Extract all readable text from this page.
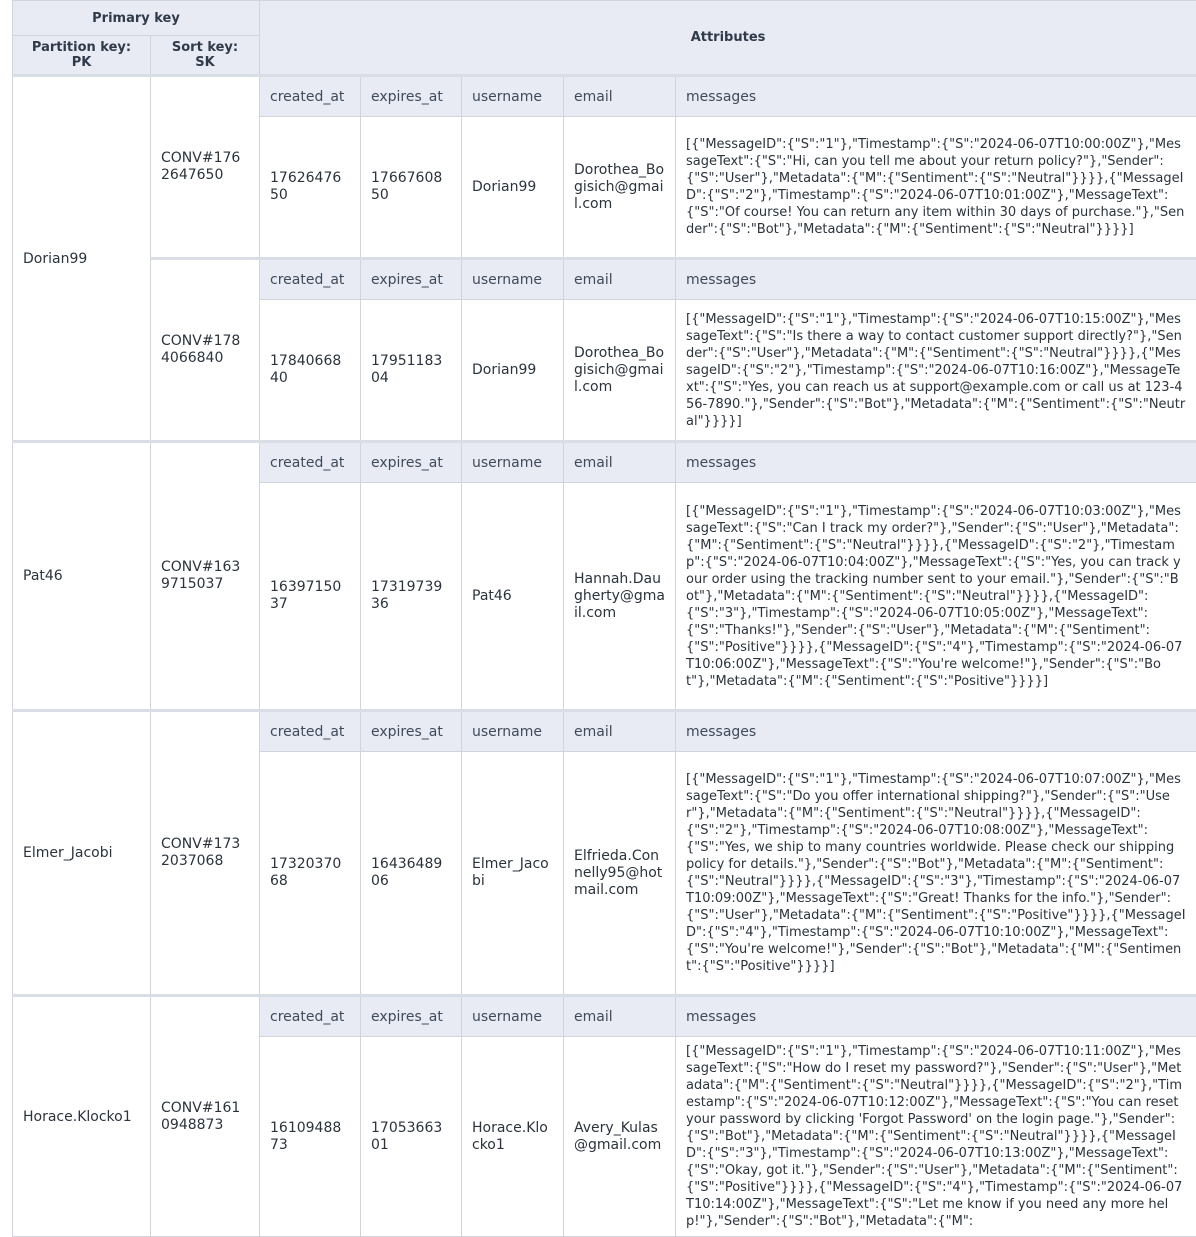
Primary key		Attributes				
Partition key: PK	Sort key: SK					
Dorian99	CONV#1762647650	created_at	expires_at	username	email	messages
		1762647650	1766760850	Dorian99	Dorothea_Bogisich@gmail.com	[{"MessageID":{"S":"1"},"Timestamp":{"S":"2024-06-07T10:00:00Z"},"MessageText":{"S":"Hi, can you tell me about your return policy?"},"Sender":{"S":"User"},"Metadata":{"M":{"Sentiment":{"S":"Neutral"}}}},{"MessageID":{"S":"2"},"Timestamp":{"S":"2024-06-07T10:01:00Z"},"MessageText":{"S":"Of course! You can return any item within 30 days of purchase."},"Sender":{"S":"Bot"},"Metadata":{"M":{"Sentiment":{"S":"Neutral"}}}}]
	CONV#1784066840	created_at	expires_at	username	email	messages
		1784066840	1795118304	Dorian99	Dorothea_Bogisich@gmail.com	[{"MessageID":{"S":"1"},"Timestamp":{"S":"2024-06-07T10:15:00Z"},"MessageText":{"S":"Is there a way to contact customer support directly?"},"Sender":{"S":"User"},"Metadata":{"M":{"Sentiment":{"S":"Neutral"}}}},{"MessageID":{"S":"2"},"Timestamp":{"S":"2024-06-07T10:16:00Z"},"MessageText":{"S":"Yes, you can reach us at support@example.com or call us at 123-456-7890."},"Sender":{"S":"Bot"},"Metadata":{"M":{"Sentiment":{"S":"Neutral"}}}}]
Pat46	CONV#1639715037	created_at	expires_at	username	email	messages
		1639715037	1731973936	Pat46	Hannah.Daugherty@gmail.com	[{"MessageID":{"S":"1"},"Timestamp":{"S":"2024-06-07T10:03:00Z"},"MessageText":{"S":"Can I track my order?"},"Sender":{"S":"User"},"Metadata":{"M":{"Sentiment":{"S":"Neutral"}}}},{"MessageID":{"S":"2"},"Timestamp":{"S":"2024-06-07T10:04:00Z"},"MessageText":{"S":"Yes, you can track your order using the tracking number sent to your email."},"Sender":{"S":"Bot"},"Metadata":{"M":{"Sentiment":{"S":"Neutral"}}}},{"MessageID":{"S":"3"},"Timestamp":{"S":"2024-06-07T10:05:00Z"},"MessageText":{"S":"Thanks!"},"Sender":{"S":"User"},"Metadata":{"M":{"Sentiment":{"S":"Positive"}}}},{"MessageID":{"S":"4"},"Timestamp":{"S":"2024-06-07T10:06:00Z"},"MessageText":{"S":"You're welcome!"},"Sender":{"S":"Bot"},"Metadata":{"M":{"Sentiment":{"S":"Positive"}}}}]
Elmer_Jacobi	CONV#1732037068	created_at	expires_at	username	email	messages
		1732037068	1643648906	Elmer_Jacobi	Elfrieda.Connelly95@hotmail.com	[{"MessageID":{"S":"1"},"Timestamp":{"S":"2024-06-07T10:07:00Z"},"MessageText":{"S":"Do you offer international shipping?"},"Sender":{"S":"User"},"Metadata":{"M":{"Sentiment":{"S":"Neutral"}}}},{"MessageID":{"S":"2"},"Timestamp":{"S":"2024-06-07T10:08:00Z"},"MessageText":{"S":"Yes, we ship to many countries worldwide. Please check our shipping policy for details."},"Sender":{"S":"Bot"},"Metadata":{"M":{"Sentiment":{"S":"Neutral"}}}},{"MessageID":{"S":"3"},"Timestamp":{"S":"2024-06-07T10:09:00Z"},"MessageText":{"S":"Great! Thanks for the info."},"Sender":{"S":"User"},"Metadata":{"M":{"Sentiment":{"S":"Positive"}}}},{"MessageID":{"S":"4"},"Timestamp":{"S":"2024-06-07T10:10:00Z"},"MessageText":{"S":"You're welcome!"},"Sender":{"S":"Bot"},"Metadata":{"M":{"Sentiment":{"S":"Positive"}}}}]
Horace.Klocko1	CONV#1610948873	created_at	expires_at	username	email	messages
		1610948873	1705366301	Horace.Klocko1	Avery_Kulas@gmail.com	[{"MessageID":{"S":"1"},"Timestamp":{"S":"2024-06-07T10:11:00Z"},"MessageText":{"S":"How do I reset my password?"},"Sender":{"S":"User"},"Metadata":{"M":{"Sentiment":{"S":"Neutral"}}}},{"MessageID":{"S":"2"},"Timestamp":{"S":"2024-06-07T10:12:00Z"},"MessageText":{"S":"You can reset your password by clicking 'Forgot Password' on the login page."},"Sender":{"S":"Bot"},"Metadata":{"M":{"Sentiment":{"S":"Neutral"}}}},{"MessageID":{"S":"3"},"Timestamp":{"S":"2024-06-07T10:13:00Z"},"MessageText":{"S":"Okay, got it."},"Sender":{"S":"User"},"Metadata":{"M":{"Sentiment":{"S":"Positive"}}}},{"MessageID":{"S":"4"},"Timestamp":{"S":"2024-06-07T10:14:00Z"},"MessageText":{"S":"Let me know if you need any more help!"},"Sender":{"S":"Bot"},"Metadata":{"M":
